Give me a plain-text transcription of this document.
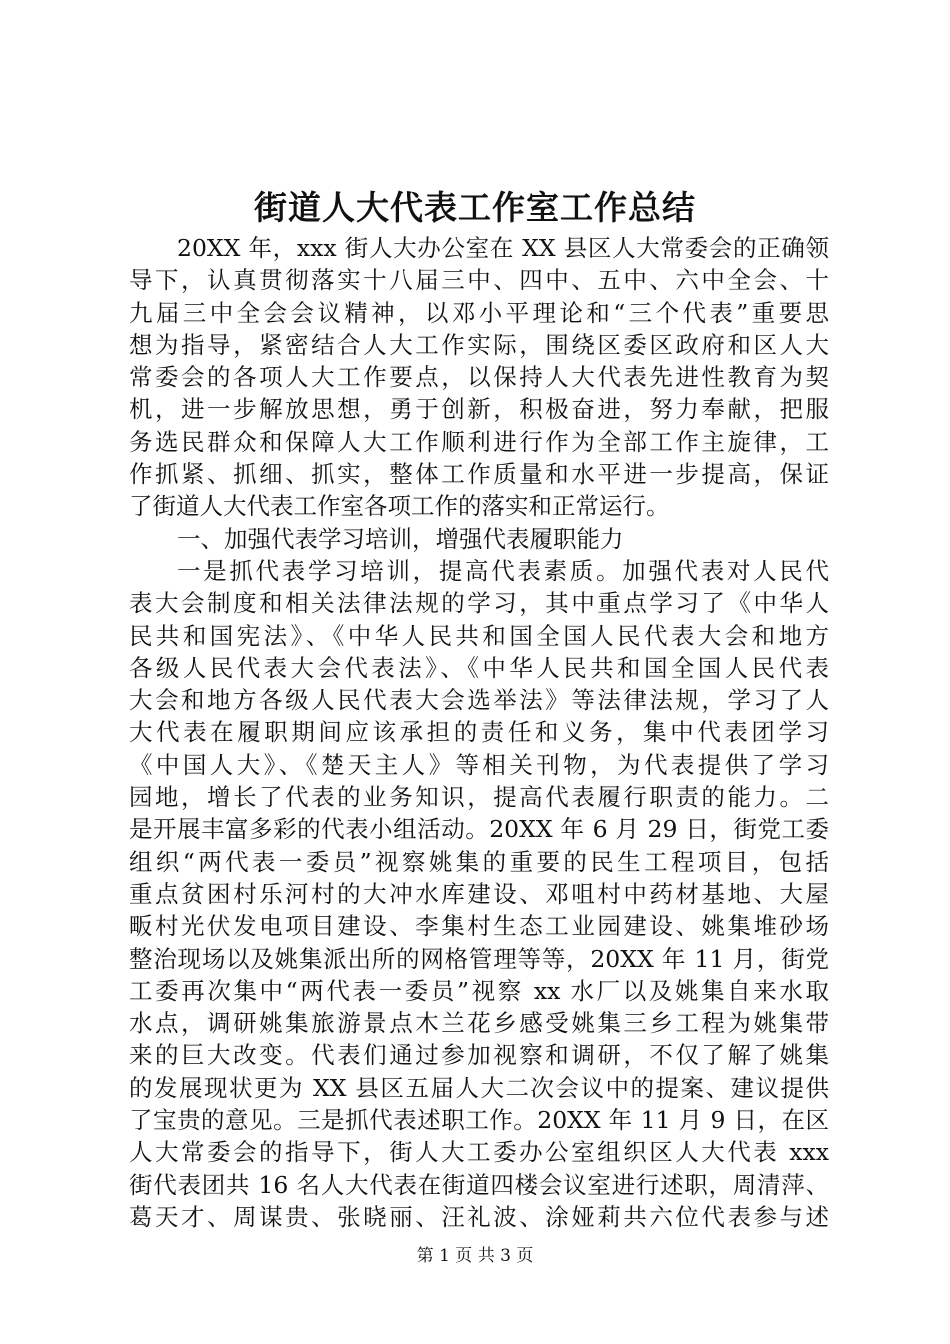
街道人大代表工作室工作总结
20XX 年，xxx 街人大办公室在 XX 县区人大常委会的正确领
导下，认真贯彻落实十八届三中、四中、五中、六中全会、十
九届三中全会会议精神，以邓小平理论和“三个代表”重要思
想为指导，紧密结合人大工作实际，围绕区委区政府和区人大
常委会的各项人大工作要点，以保持人大代表先进性教育为契
机，进一步解放思想，勇于创新，积极奋进，努力奉献，把服
务选民群众和保障人大工作顺利进行作为全部工作主旋律，工
作抓紧、抓细、抓实，整体工作质量和水平进一步提高，保证
了街道人大代表工作室各项工作的落实和正常运行。
一、加强代表学习培训，增强代表履职能力
一是抓代表学习培训，提高代表素质。加强代表对人民代
表大会制度和相关法律法规的学习，其中重点学习了《中华人
民共和国宪法》、《中华人民共和国全国人民代表大会和地方
各级人民代表大会代表法》、《中华人民共和国全国人民代表
大会和地方各级人民代表大会选举法》等法律法规，学习了人
大代表在履职期间应该承担的责任和义务，集中代表团学习
《中国人大》、《楚天主人》等相关刊物，为代表提供了学习
园地，增长了代表的业务知识，提高代表履行职责的能力。二
是开展丰富多彩的代表小组活动。20XX 年 6 月 29 日，街党工委
组织“两代表一委员”视察姚集的重要的民生工程项目，包括
重点贫困村乐河村的大冲水库建设、邓咀村中药材基地、大屋
畈村光伏发电项目建设、李集村生态工业园建设、姚集堆砂场
整治现场以及姚集派出所的网格管理等等，20XX 年 11 月，街党
工委再次集中“两代表一委员”视察 xx 水厂以及姚集自来水取
水点，调研姚集旅游景点木兰花乡感受姚集三乡工程为姚集带
来的巨大改变。代表们通过参加视察和调研，不仅了解了姚集
的发展现状更为 XX 县区五届人大二次会议中的提案、建议提供
了宝贵的意见。三是抓代表述职工作。20XX 年 11 月 9 日，在区
人大常委会的指导下，街人大工委办公室组织区人大代表 xxx
街代表团共 16 名人大代表在街道四楼会议室进行述职，周清萍、
葛天才、周谋贵、张晓丽、汪礼波、涂娅莉共六位代表参与述
第 1 页 共 3 页
